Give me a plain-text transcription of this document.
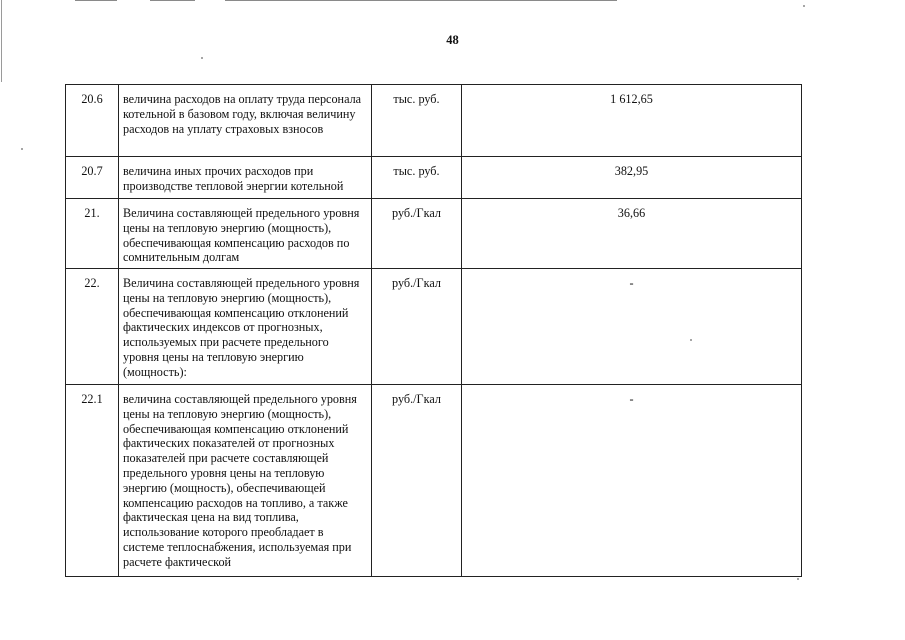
48
20.6	величина расходов на оплату труда персонала котельной в базовом году, включая величину расходов на уплату страховых взносов	тыс. руб.	1 612,65
20.7	величина иных прочих расходов при производстве тепловой энергии котельной	тыс. руб.	382,95
21.	Величина составляющей предельного уровня цены на тепловую энергию (мощность), обеспечивающая компенсацию расходов по сомнительным долгам	руб./Гкал	36,66
22.	Величина составляющей предельного уровня цены на тепловую энергию (мощность), обеспечивающая компенсацию отклонений фактических индексов от прогнозных, используемых при расчете предельного уровня цены на тепловую энергию (мощность):	руб./Гкал	-
22.1	величина составляющей предельного уровня цены на тепловую энергию (мощность), обеспечивающая компенсацию отклонений фактических показателей от прогнозных показателей при расчете составляющей предельного уровня цены на тепловую энергию (мощность), обеспечивающей компенсацию расходов на топливо, а также фактическая цена на вид топлива, использование которого преобладает в системе теплоснабжения, используемая при расчете фактической	руб./Гкал	-
